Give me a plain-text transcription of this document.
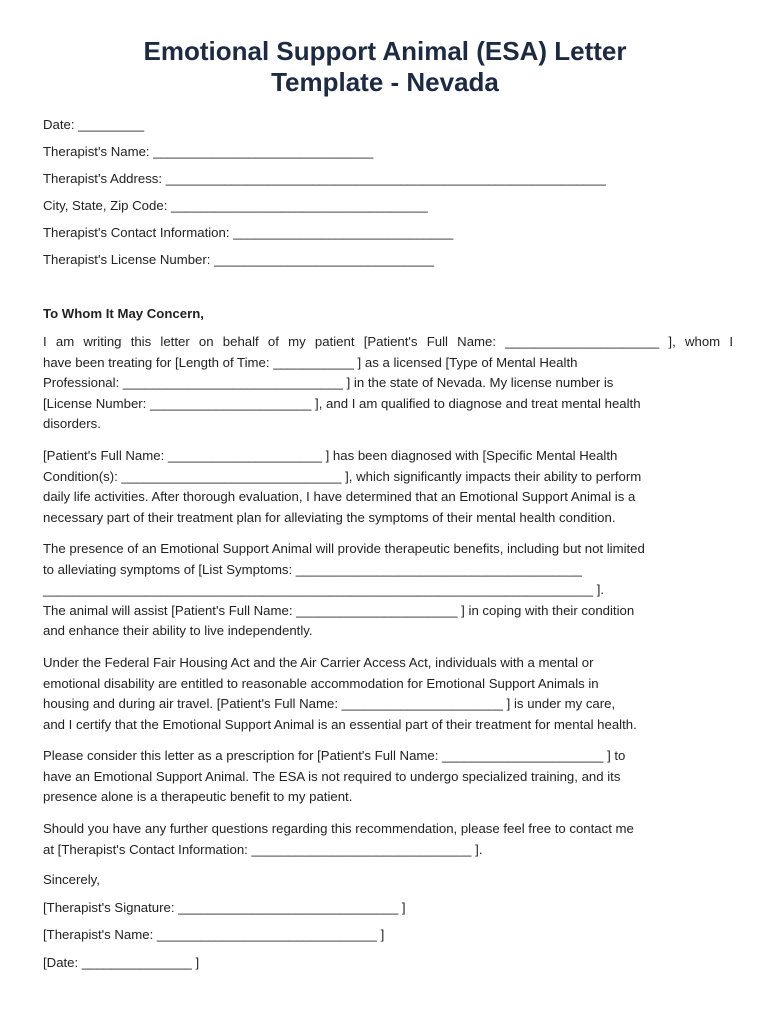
Emotional Support Animal (ESA) Letter
Template - Nevada

Date: _________

Therapist's Name: ______________________________

Therapist's Address: ____________________________________________________________

City, State, Zip Code: ___________________________________

Therapist's Contact Information: ______________________________

Therapist's License Number: ______________________________

To Whom It May Concern,

I am writing this letter on behalf of my patient [Patient's Full Name: _____________________ ], whom I
have been treating for [Length of Time: ___________ ] as a licensed [Type of Mental Health
Professional: ______________________________ ] in the state of Nevada. My license number is
[License Number: ______________________ ], and I am qualified to diagnose and treat mental health
disorders.
[Patient's Full Name: _____________________ ] has been diagnosed with [Specific Mental Health
Condition(s): ______________________________ ], which significantly impacts their ability to perform
daily life activities. After thorough evaluation, I have determined that an Emotional Support Animal is a
necessary part of their treatment plan for alleviating the symptoms of their mental health condition.
The presence of an Emotional Support Animal will provide therapeutic benefits, including but not limited
to alleviating symptoms of [List Symptoms: _______________________________________
___________________________________________________________________________ ].
The animal will assist [Patient's Full Name: ______________________ ] in coping with their condition
and enhance their ability to live independently.
Under the Federal Fair Housing Act and the Air Carrier Access Act, individuals with a mental or
emotional disability are entitled to reasonable accommodation for Emotional Support Animals in
housing and during air travel. [Patient's Full Name: ______________________ ] is under my care,
and I certify that the Emotional Support Animal is an essential part of their treatment for mental health.
Please consider this letter as a prescription for [Patient's Full Name: ______________________ ] to
have an Emotional Support Animal. The ESA is not required to undergo specialized training, and its
presence alone is a therapeutic benefit to my patient.
Should you have any further questions regarding this recommendation, please feel free to contact me
at [Therapist's Contact Information: ______________________________ ].
Sincerely,

[Therapist's Signature: ______________________________ ]

[Therapist's Name: ______________________________ ]

[Date: _______________ ]
